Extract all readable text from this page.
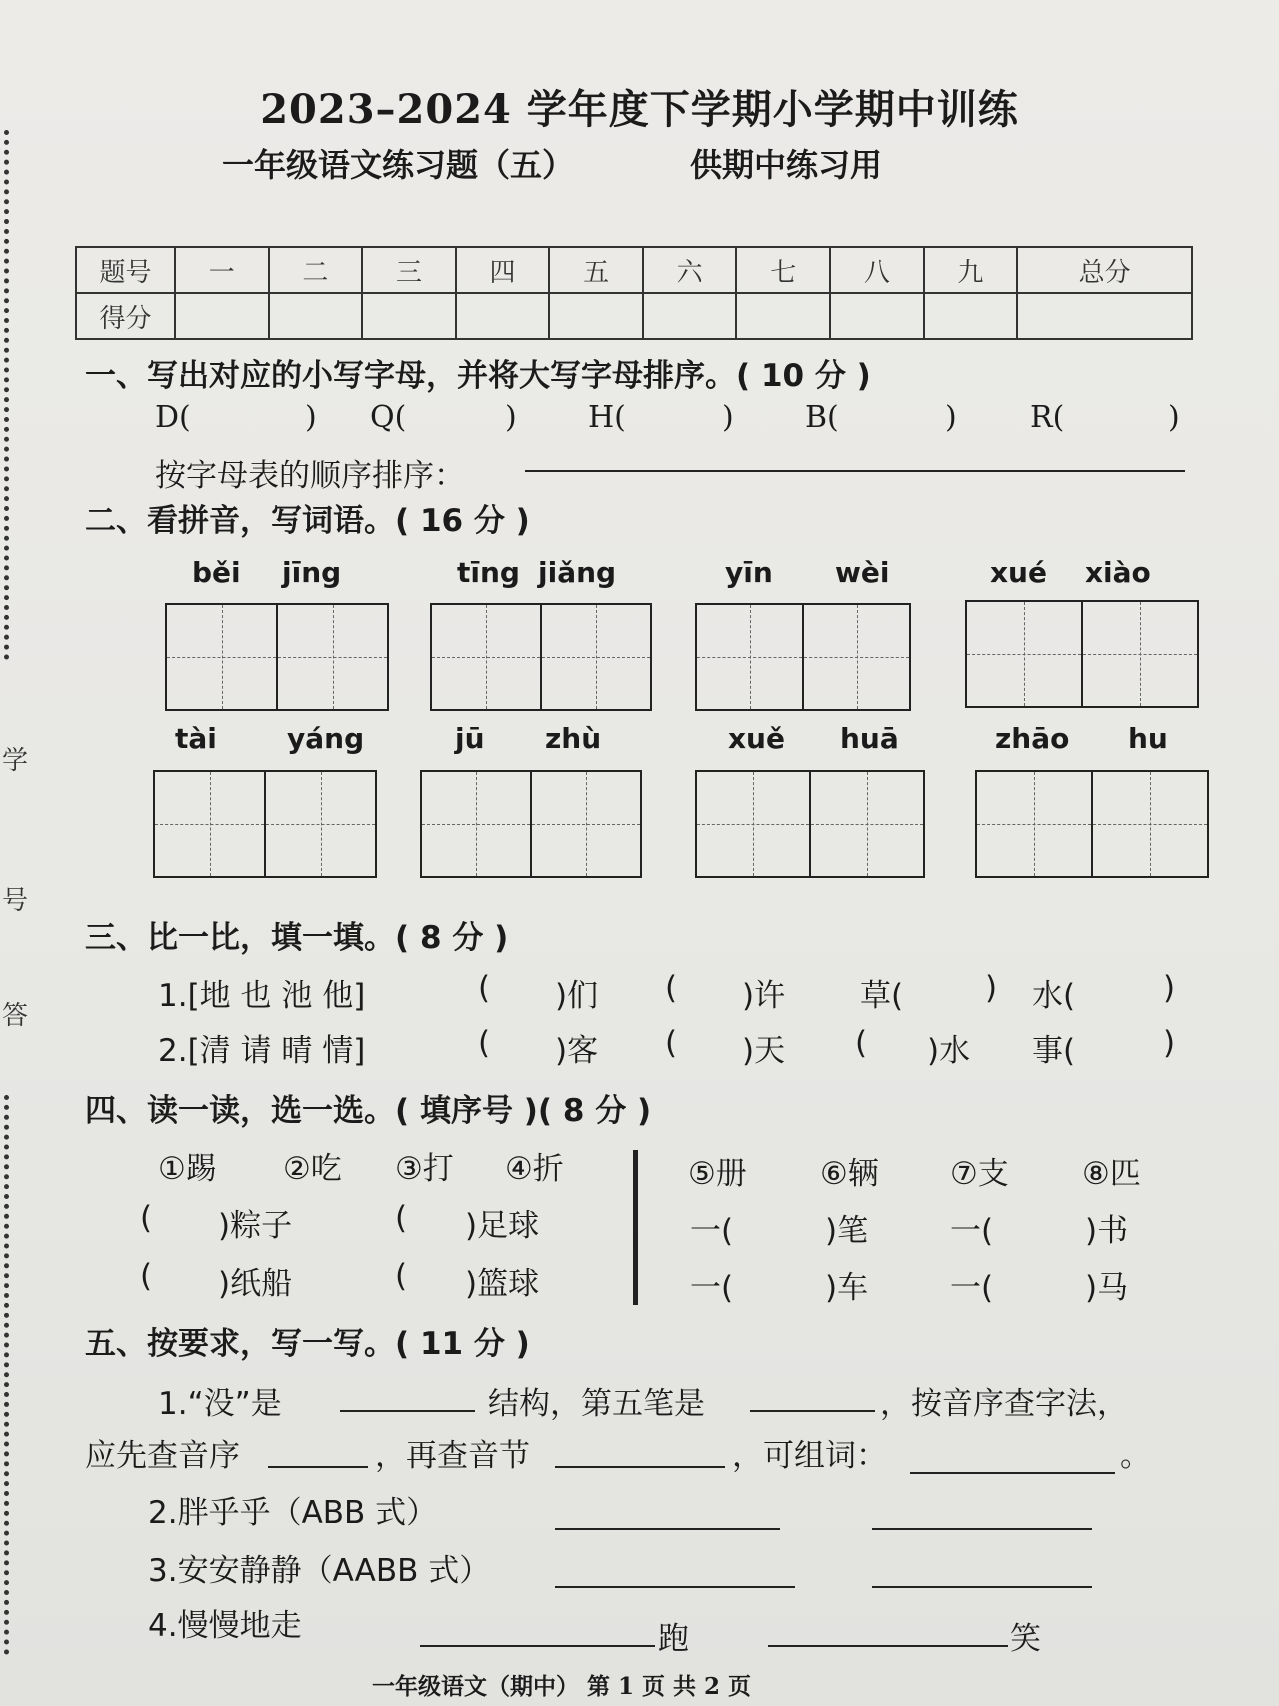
学
号
答
2023–2024 学年度下学期小学期中训练
一年级语文练习题（五）	供期中练习用
题号	一	二	三	四	五	六	七	八	九	总分
得分										
一、写出对应的小写字母，并将大写字母排序。( 10 分 )
D(	) Q(	) H(	) B(	) R(	)
按字母表的顺序排序：
二、看拼音，写词语。( 16 分 )
běi jīng	tīng jiǎng	yīn wèi	xué xiào
tài	yáng	jū zhù	xuě huā	zhāo hu
三、比一比，填一填。( 8 分 )
1.[地 也 池 他]	( )们 ( )许 草(	) 水(	)
2.[清 请 晴 情]	( )客 ( )天 ( )水 事(	)
四、读一读，选一选。( 填序号 )( 8 分 )
①踢 ②吃 ③打 ④折
( )粽子	( )足球
( )纸船	( )篮球
⑤册 ⑥辆 ⑦支 ⑧匹
一(	)笔	一(	)书
一(	)车	一(	)马
五、按要求，写一写。( 11 分 )
1.“没”是	结构，第五笔是	，按音序查字法，
应先查音序	，再查音节	，可组词：	。
2.胖乎乎（ABB 式）
3.安安静静（AABB 式）
4.慢慢地走	跑	笑
一年级语文（期中） 第 1 页 共 2 页
